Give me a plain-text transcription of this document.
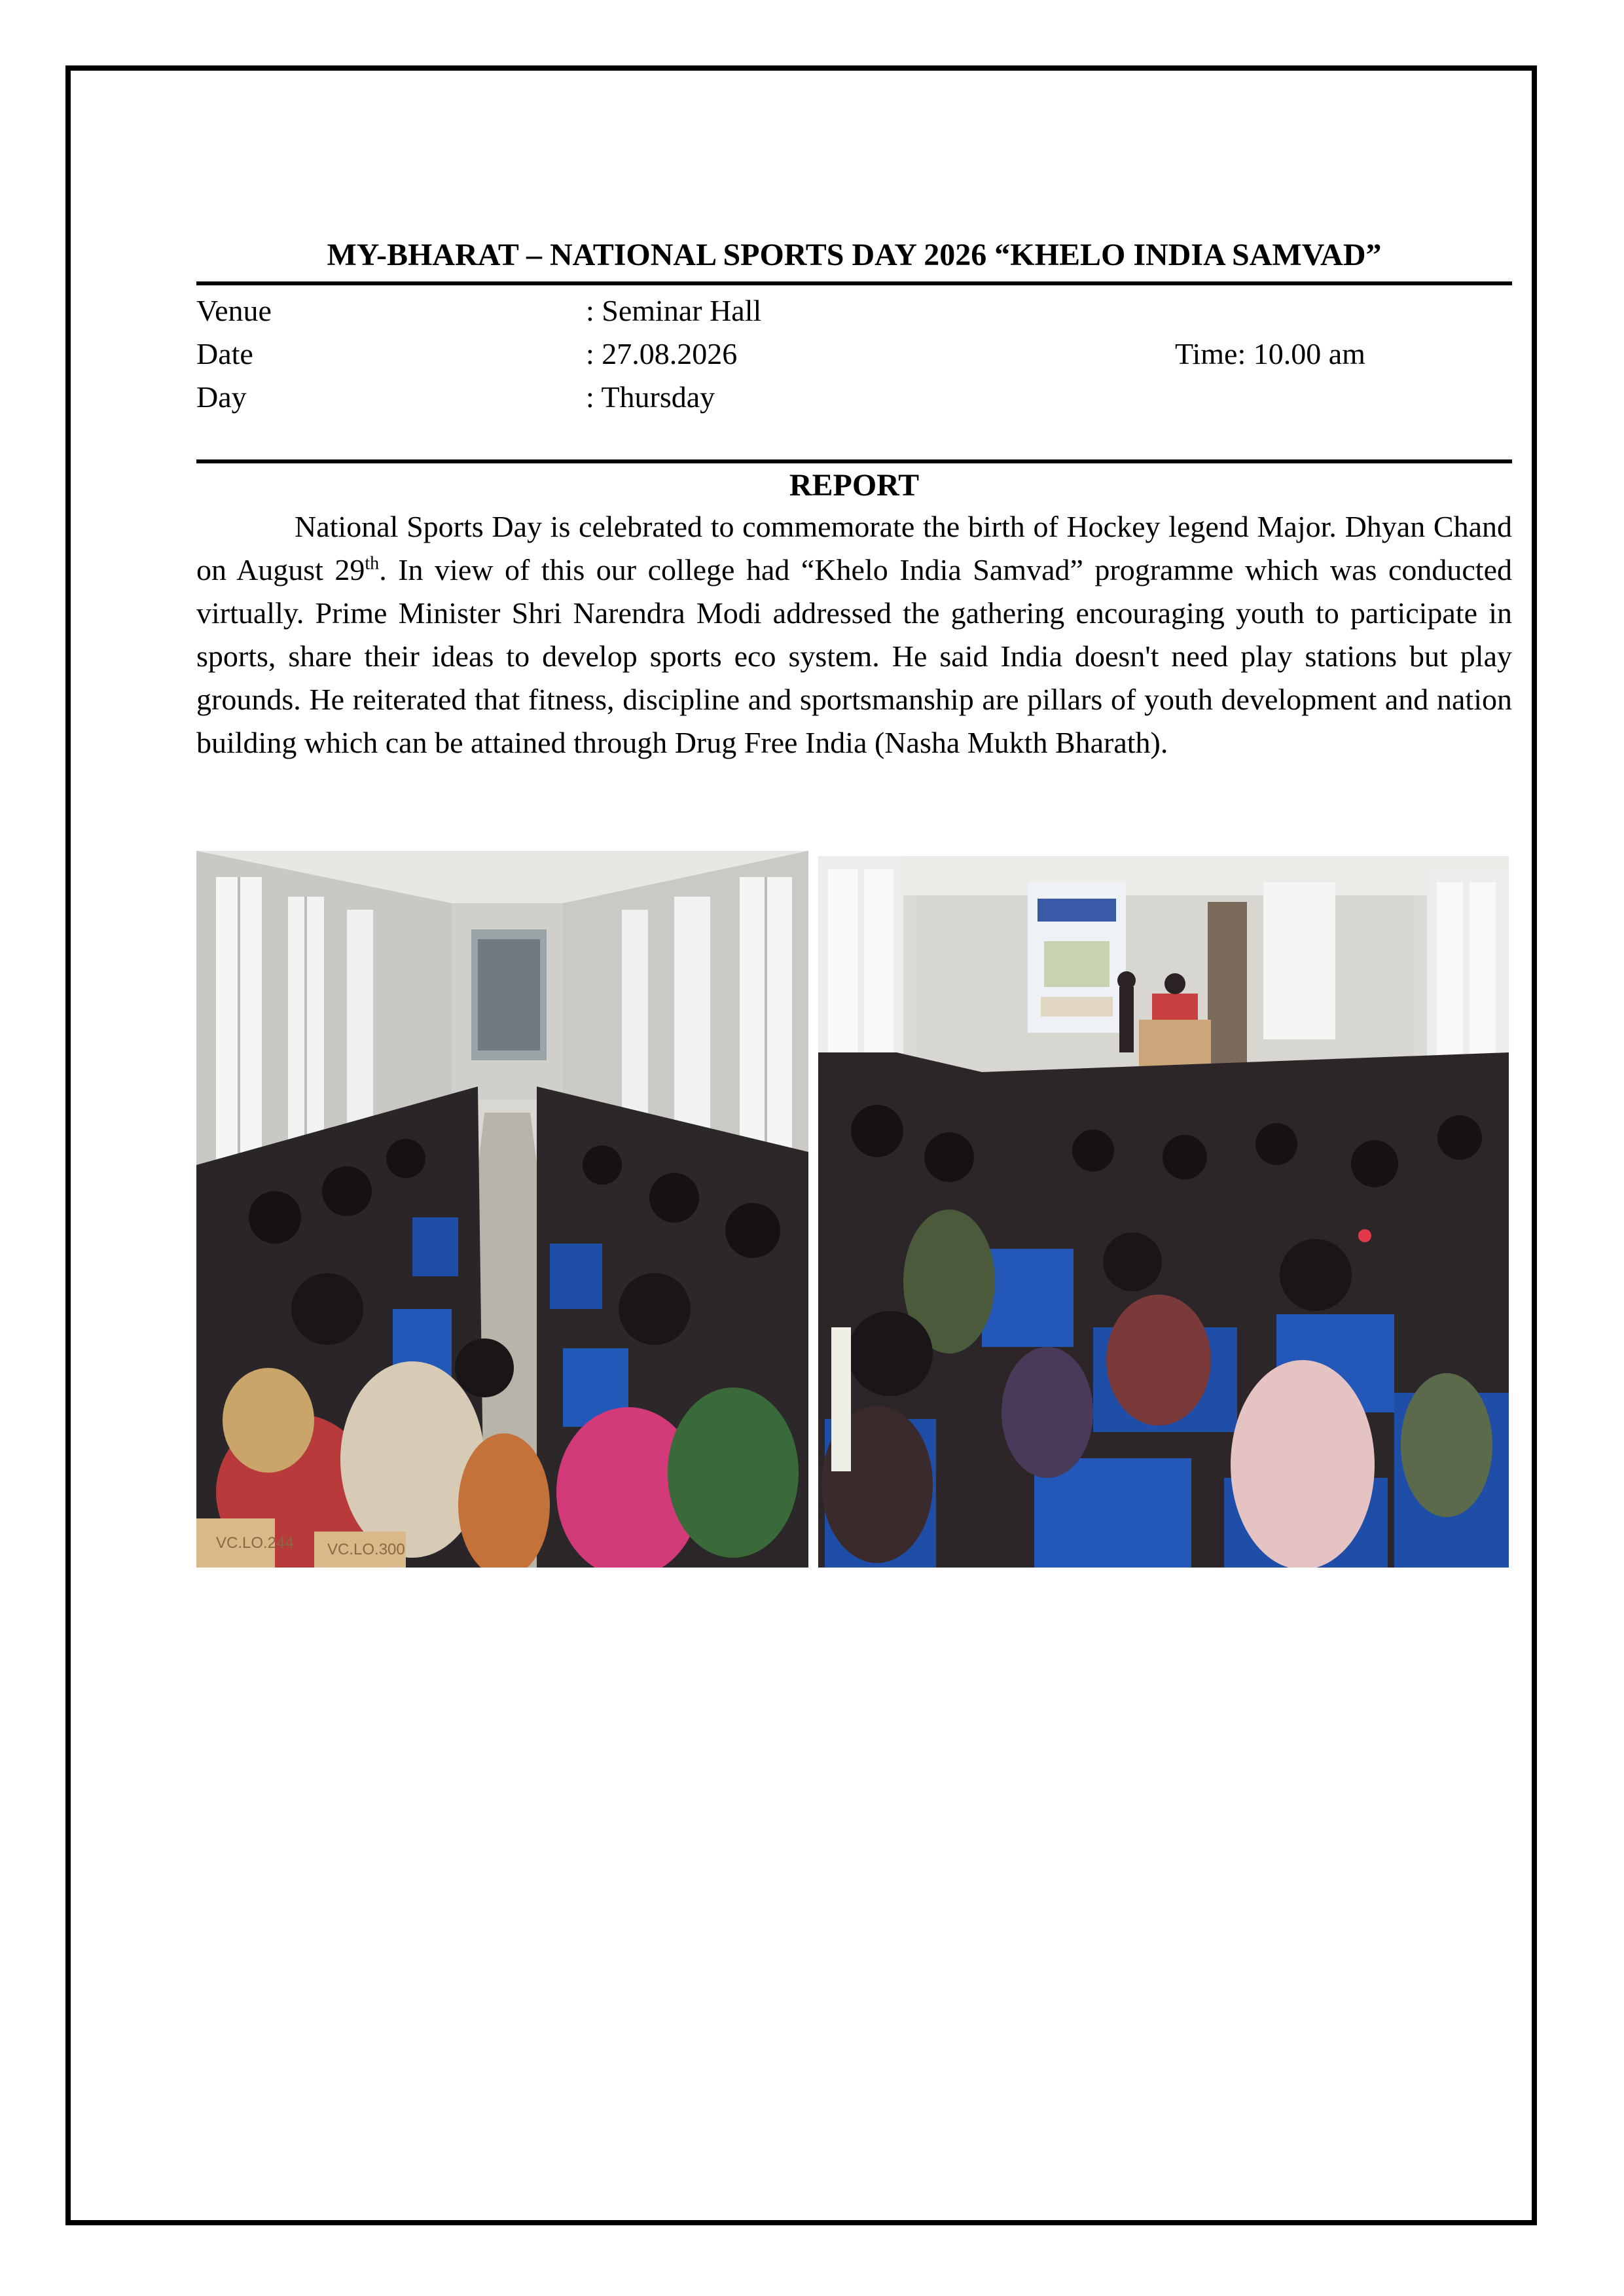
MY-BHARAT – NATIONAL SPORTS DAY 2026 “KHELO INDIA SAMVAD”
Venue	: Seminar Hall
Date	: 27.08.2026	Time: 10.00 am
Day	: Thursday
REPORT

National Sports Day is celebrated to commemorate the birth of Hockey legend Major. Dhyan Chand on August 29th. In view of this our college had “Khelo India Samvad” programme which was conducted virtually. Prime Minister Shri Narendra Modi addressed the gathering encouraging youth to participate in sports, share their ideas to develop sports eco system. He said India doesn't need play stations but play grounds. He reiterated that fitness, discipline and sportsmanship are pillars of youth development and nation building which can be attained through Drug Free India (Nasha Mukth Bharath).

VC.LO.244 VC.LO.300
